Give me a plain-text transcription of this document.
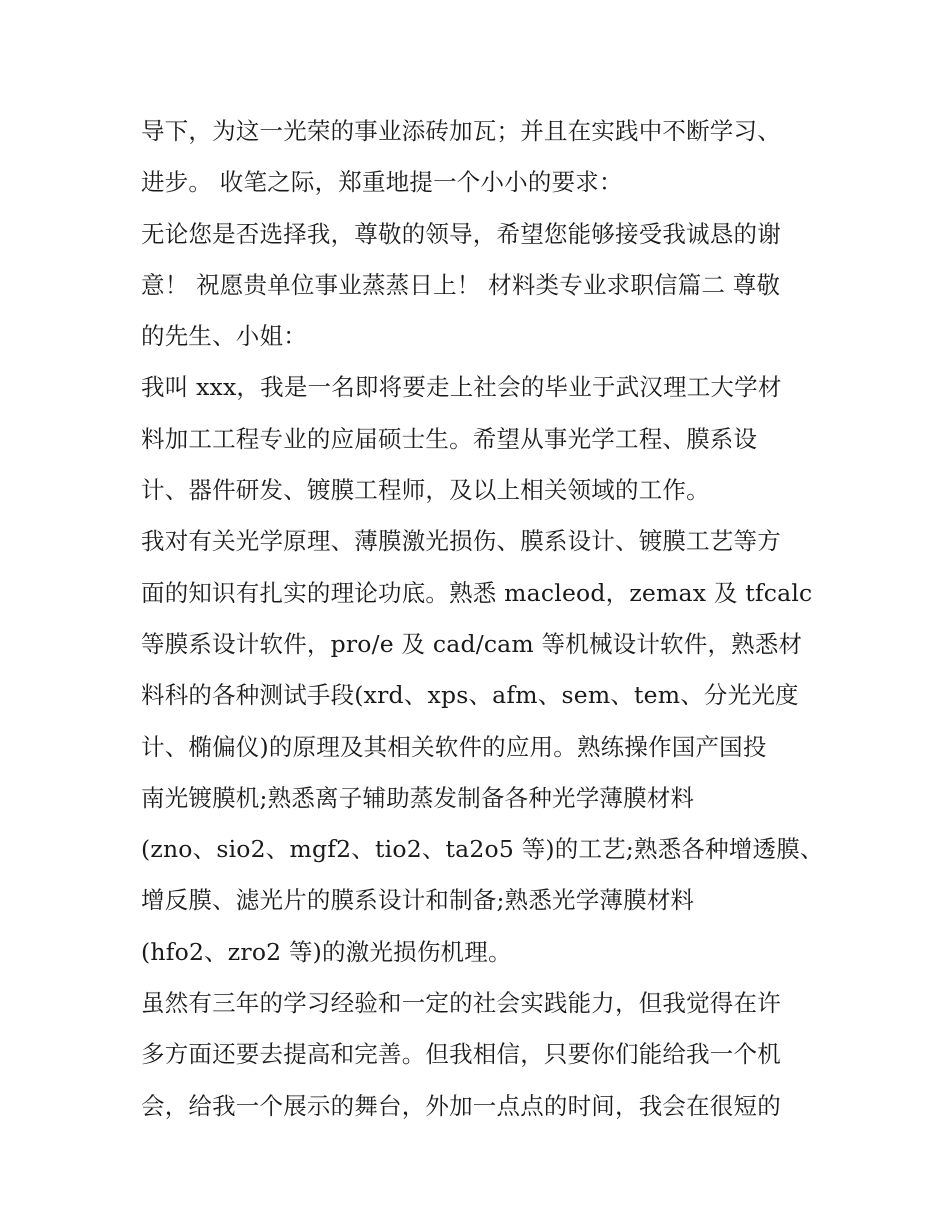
导下，为这一光荣的事业添砖加瓦；并且在实践中不断学习、
进步。 收笔之际，郑重地提一个小小的要求：
无论您是否选择我，尊敬的领导，希望您能够接受我诚恳的谢
意！ 祝愿贵单位事业蒸蒸日上！ 材料类专业求职信篇二 尊敬
的先生、小姐：
我叫 xxx，我是一名即将要走上社会的毕业于武汉理工大学材
料加工工程专业的应届硕士生。希望从事光学工程、膜系设
计、器件研发、镀膜工程师，及以上相关领域的工作。
我对有关光学原理、薄膜激光损伤、膜系设计、镀膜工艺等方
面的知识有扎实的理论功底。熟悉 macleod，zemax 及 tfcalc
等膜系设计软件，pro/e 及 cad/cam 等机械设计软件，熟悉材
料科的各种测试手段(xrd、xps、afm、sem、tem、分光光度
计、椭偏仪)的原理及其相关软件的应用。熟练操作国产国投
南光镀膜机;熟悉离子辅助蒸发制备各种光学薄膜材料
(zno、sio2、mgf2、tio2、ta2o5 等)的工艺;熟悉各种增透膜、
增反膜、滤光片的膜系设计和制备;熟悉光学薄膜材料
(hfo2、zro2 等)的激光损伤机理。
虽然有三年的学习经验和一定的社会实践能力，但我觉得在许
多方面还要去提高和完善。但我相信，只要你们能给我一个机
会，给我一个展示的舞台，外加一点点的时间，我会在很短的
